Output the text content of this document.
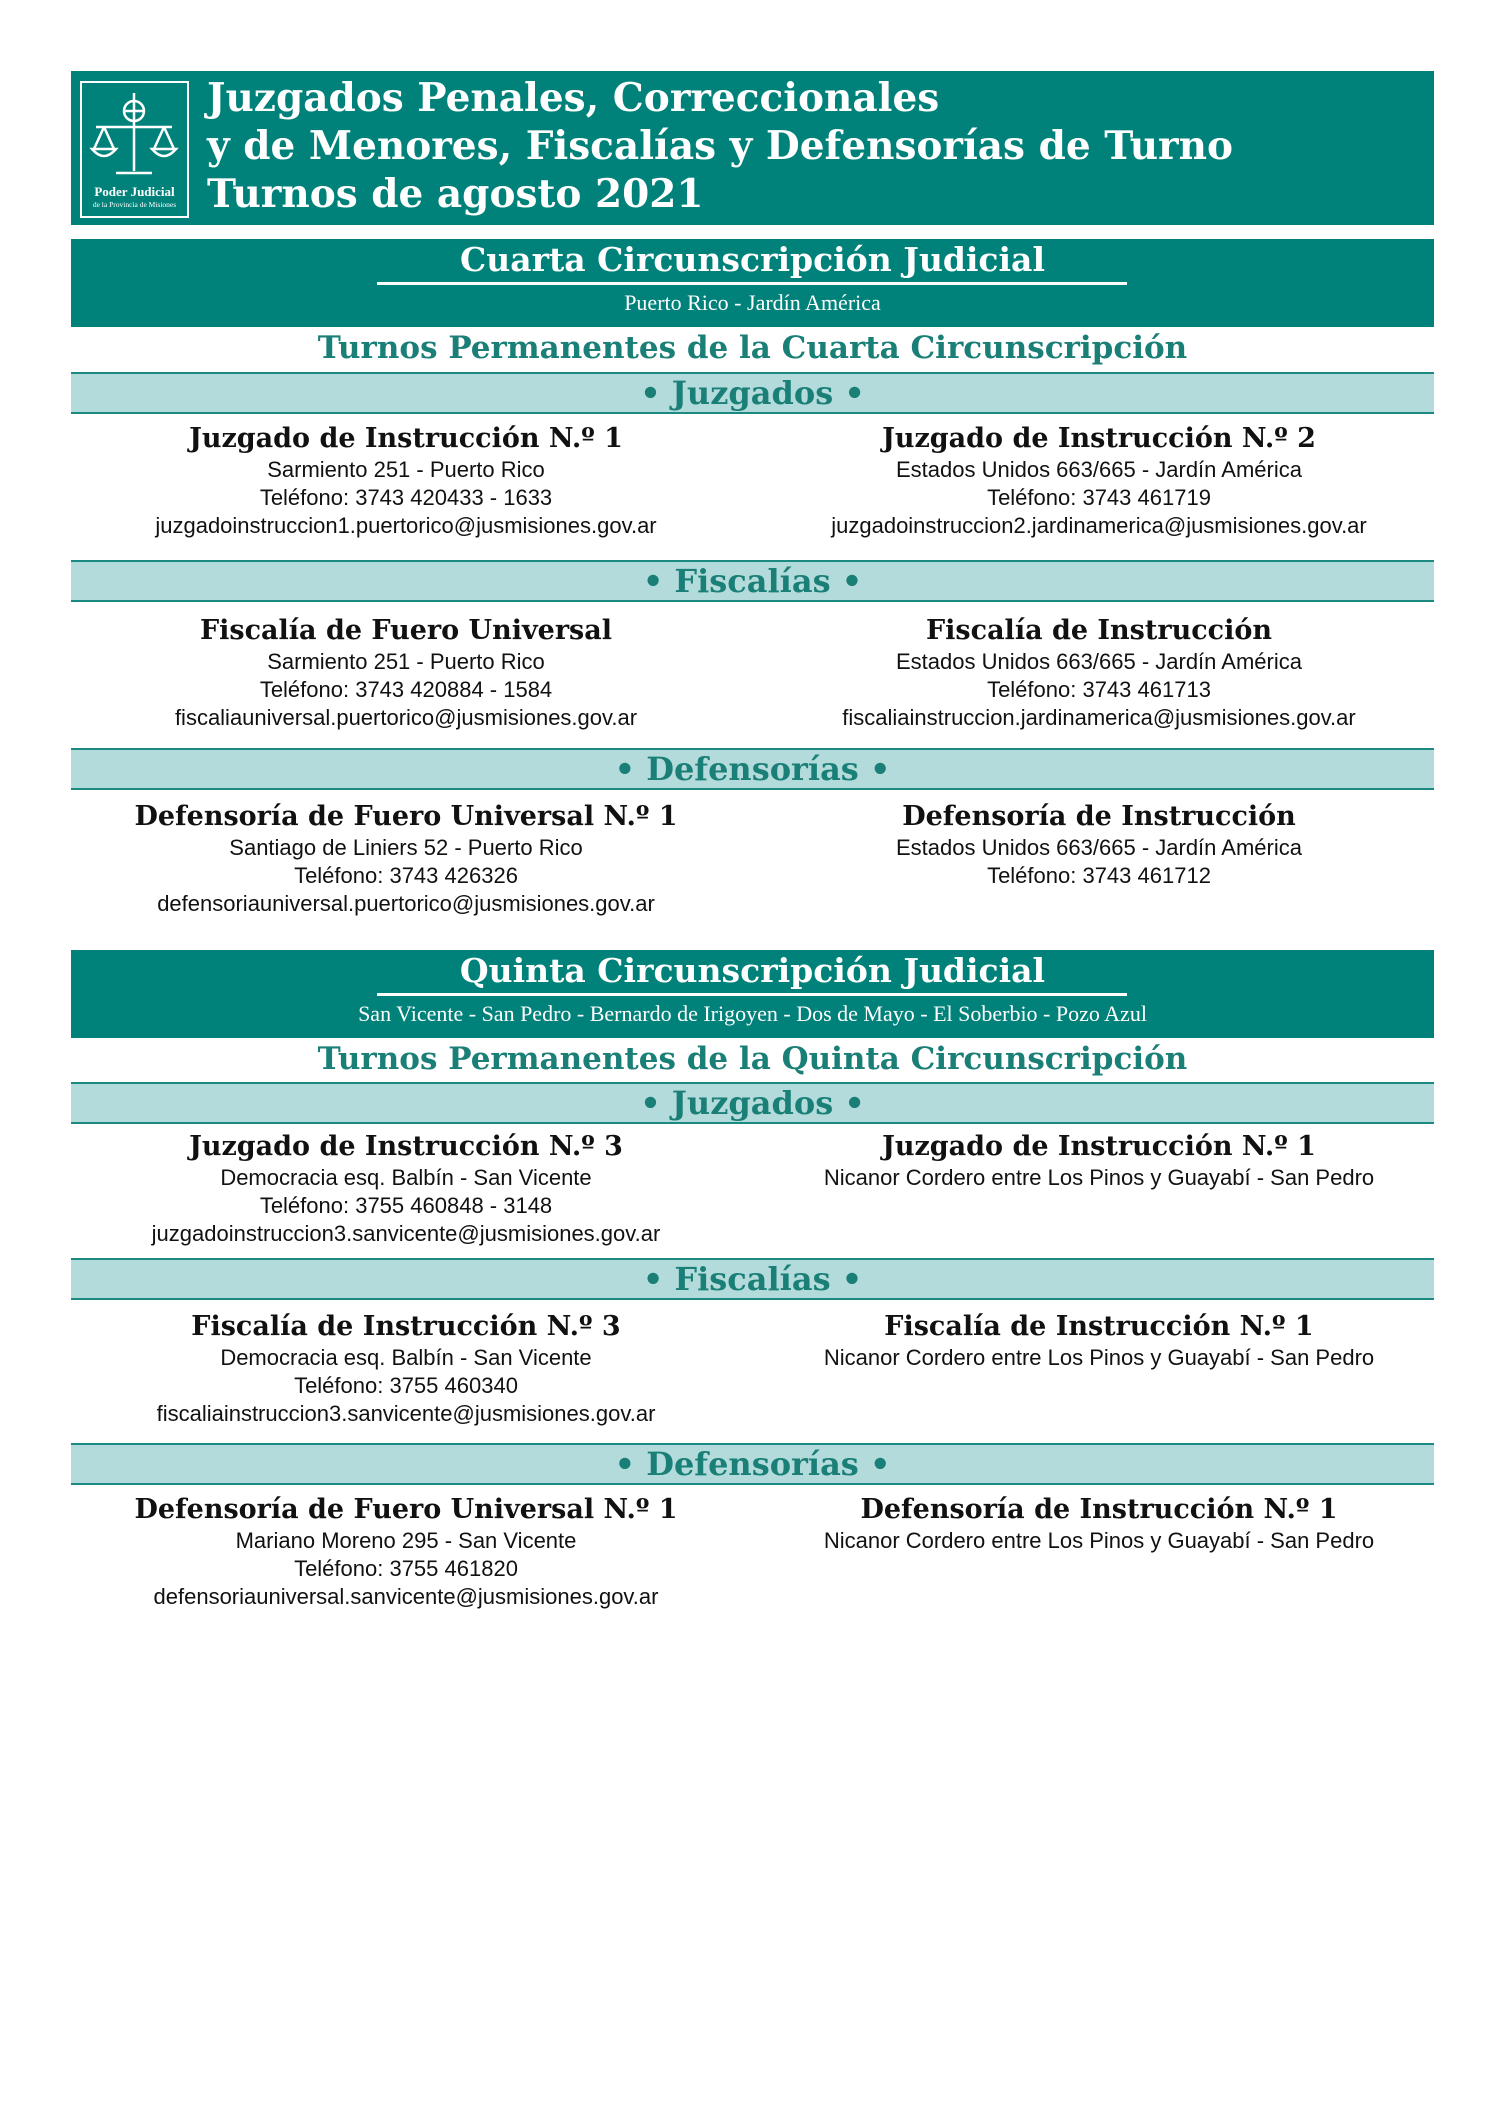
Poder Judicial
de la Provincia de Misiones
Juzgados Penales, Correccionales
y de Menores, Fiscalías y Defensorías de Turno
Turnos de agosto 2021
Cuarta Circunscripción Judicial
Puerto Rico - Jardín América
Turnos Permanentes de la Cuarta Circunscripción
• Juzgados •
Juzgado de Instrucción N.º 1
Sarmiento 251 - Puerto Rico
Teléfono: 3743 420433 - 1633
juzgadoinstruccion1.puertorico@jusmisiones.gov.ar
Juzgado de Instrucción N.º 2
Estados Unidos 663/665 - Jardín América
Teléfono: 3743 461719
juzgadoinstruccion2.jardinamerica@jusmisiones.gov.ar
• Fiscalías •
Fiscalía de Fuero Universal
Sarmiento 251 - Puerto Rico
Teléfono: 3743 420884 - 1584
fiscaliauniversal.puertorico@jusmisiones.gov.ar
Fiscalía de Instrucción
Estados Unidos 663/665 - Jardín América
Teléfono: 3743 461713
fiscaliainstruccion.jardinamerica@jusmisiones.gov.ar
• Defensorías •
Defensoría de Fuero Universal N.º 1
Santiago de Liniers 52 - Puerto Rico
Teléfono: 3743 426326
defensoriauniversal.puertorico@jusmisiones.gov.ar
Defensoría de Instrucción
Estados Unidos 663/665 - Jardín América
Teléfono: 3743 461712
Quinta Circunscripción Judicial
San Vicente - San Pedro - Bernardo de Irigoyen - Dos de Mayo - El Soberbio - Pozo Azul
Turnos Permanentes de la Quinta Circunscripción
• Juzgados •
Juzgado de Instrucción N.º 3
Democracia esq. Balbín - San Vicente
Teléfono: 3755 460848 - 3148
juzgadoinstruccion3.sanvicente@jusmisiones.gov.ar
Juzgado de Instrucción N.º 1
Nicanor Cordero entre Los Pinos y Guayabí - San Pedro
• Fiscalías •
Fiscalía de Instrucción N.º 3
Democracia esq. Balbín - San Vicente
Teléfono: 3755 460340
fiscaliainstruccion3.sanvicente@jusmisiones.gov.ar
Fiscalía de Instrucción N.º 1
Nicanor Cordero entre Los Pinos y Guayabí - San Pedro
• Defensorías •
Defensoría de Fuero Universal N.º 1
Mariano Moreno 295 - San Vicente
Teléfono: 3755 461820
defensoriauniversal.sanvicente@jusmisiones.gov.ar
Defensoría de Instrucción N.º 1
Nicanor Cordero entre Los Pinos y Guayabí - San Pedro
